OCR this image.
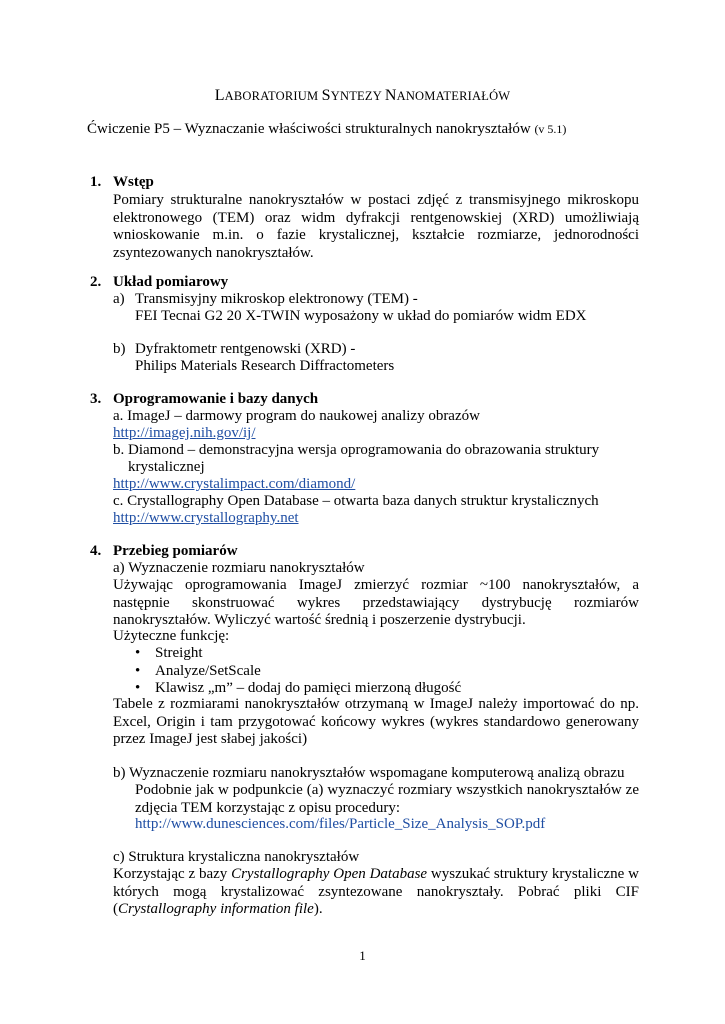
LABORATORIUM SYNTEZY NANOMATERIAŁÓW
Ćwiczenie P5 – Wyznaczanie właściwości strukturalnych nanokryształów (v 5.1)
1. Wstęp
Pomiary strukturalne nanokryształów w postaci zdjęć z transmisyjnego mikroskopu elektronowego (TEM) oraz widm dyfrakcji rentgenowskiej (XRD) umożliwiają wnioskowanie m.in. o fazie krystalicznej, kształcie rozmiarze, jednorodności zsyntezowanych nanokryształów.
2. Układ pomiarowy
a) Transmisyjny mikroskop elektronowy (TEM) -
FEI Tecnai G2 20 X-TWIN wyposażony w układ do pomiarów widm EDX
b) Dyfraktometr rentgenowski (XRD) -
Philips Materials Research Diffractometers
3. Oprogramowanie i bazy danych
a. ImageJ – darmowy program do naukowej analizy obrazów
http://imagej.nih.gov/ij/
b. Diamond – demonstracyjna wersja oprogramowania do obrazowania struktury
krystalicznej
http://www.crystalimpact.com/diamond/
c. Crystallography Open Database – otwarta baza danych struktur krystalicznych
http://www.crystallography.net
4. Przebieg pomiarów
a) Wyznaczenie rozmiaru nanokryształów
Używając oprogramowania ImageJ zmierzyć rozmiar ~100 nanokryształów, a następnie skonstruować wykres przedstawiający dystrybucję rozmiarów nanokryształów. Wyliczyć wartość średnią i poszerzenie dystrybucji.
Użyteczne funkcję:
• Streight
• Analyze/SetScale
• Klawisz „m” – dodaj do pamięci mierzoną długość
Tabele z rozmiarami nanokryształów otrzymaną w ImageJ należy importować do np. Excel, Origin i tam przygotować końcowy wykres (wykres standardowo generowany przez ImageJ jest słabej jakości)
b) Wyznaczenie rozmiaru nanokryształów wspomagane komputerową analizą obrazu
Podobnie jak w podpunkcie (a) wyznaczyć rozmiary wszystkich nanokryształów ze zdjęcia TEM korzystając z opisu procedury:
http://www.dunesciences.com/files/Particle_Size_Analysis_SOP.pdf
c) Struktura krystaliczna nanokryształów
Korzystając z bazy Crystallography Open Database wyszukać struktury krystaliczne w których mogą krystalizować zsyntezowane nanokryształy. Pobrać pliki CIF (Crystallography information file).
1
